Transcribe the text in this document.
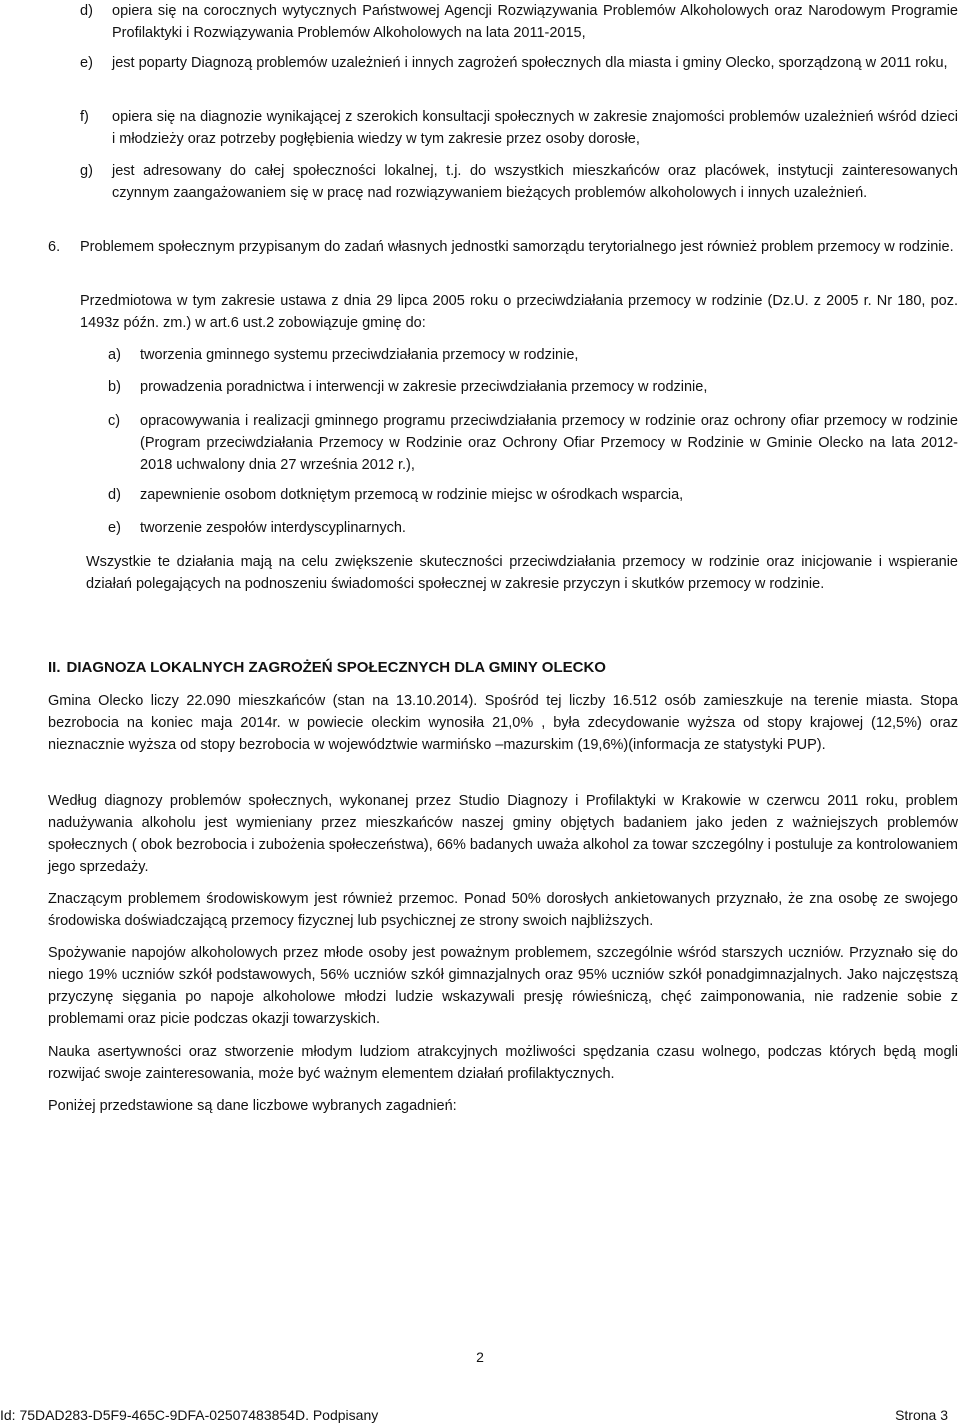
d) opiera się na corocznych wytycznych Państwowej Agencji Rozwiązywania Problemów Alkoholowych oraz Narodowym Programie Profilaktyki i Rozwiązywania Problemów Alkoholowych na lata 2011-2015,
e) jest poparty Diagnozą problemów uzależnień i innych zagrożeń społecznych dla miasta i gminy Olecko, sporządzoną w 2011 roku,
f) opiera się na diagnozie wynikającej z szerokich konsultacji społecznych w zakresie znajomości problemów uzależnień wśród dzieci i młodzieży oraz potrzeby pogłębienia wiedzy w tym zakresie przez osoby dorosłe,
g) jest adresowany do całej społeczności lokalnej, t.j. do wszystkich mieszkańców oraz placówek, instytucji zainteresowanych czynnym zaangażowaniem się w pracę nad rozwiązywaniem bieżących problemów alkoholowych i innych uzależnień.
6. Problemem społecznym przypisanym do zadań własnych jednostki samorządu terytorialnego jest również problem przemocy w rodzinie.
Przedmiotowa w tym zakresie ustawa z dnia 29 lipca 2005 roku o przeciwdziałania przemocy w rodzinie (Dz.U. z 2005 r. Nr 180, poz. 1493z późn. zm.) w art.6 ust.2 zobowiązuje gminę do:
a) tworzenia gminnego systemu przeciwdziałania przemocy w rodzinie,
b) prowadzenia poradnictwa i interwencji w zakresie przeciwdziałania przemocy w rodzinie,
c) opracowywania i realizacji gminnego programu przeciwdziałania przemocy w rodzinie oraz ochrony ofiar przemocy w rodzinie (Program przeciwdziałania Przemocy w Rodzinie oraz Ochrony Ofiar Przemocy w Rodzinie w Gminie Olecko na lata 2012-2018 uchwalony dnia 27 września 2012 r.),
d) zapewnienie osobom dotkniętym przemocą w rodzinie miejsc w ośrodkach wsparcia,
e) tworzenie zespołów interdyscyplinarnych.
Wszystkie te działania mają na celu zwiększenie skuteczności przeciwdziałania przemocy w rodzinie oraz inicjowanie i wspieranie działań polegających na podnoszeniu świadomości społecznej w zakresie przyczyn i skutków przemocy w rodzinie.
II. DIAGNOZA LOKALNYCH ZAGROŻEŃ SPOŁECZNYCH DLA GMINY OLECKO
Gmina Olecko liczy 22.090 mieszkańców (stan na 13.10.2014). Spośród tej liczby 16.512 osób zamieszkuje na terenie miasta. Stopa bezrobocia na koniec maja 2014r. w powiecie oleckim wynosiła 21,0% , była zdecydowanie wyższa od stopy krajowej (12,5%) oraz nieznacznie wyższa od stopy bezrobocia w województwie warmińsko –mazurskim (19,6%)(informacja ze statystyki PUP).
Według diagnozy problemów społecznych, wykonanej przez Studio Diagnozy i Profilaktyki w Krakowie w czerwcu 2011 roku, problem nadużywania alkoholu jest wymieniany przez mieszkańców naszej gminy objętych badaniem jako jeden z ważniejszych problemów społecznych ( obok bezrobocia i zubożenia społeczeństwa), 66% badanych uważa alkohol za towar szczególny i postuluje za kontrolowaniem jego sprzedaży.
Znaczącym problemem środowiskowym jest również przemoc. Ponad 50% dorosłych ankietowanych przyznało, że zna osobę ze swojego środowiska doświadczającą przemocy fizycznej lub psychicznej ze strony swoich najbliższych.
Spożywanie napojów alkoholowych przez młode osoby jest poważnym problemem, szczególnie wśród starszych uczniów. Przyznało się do niego 19% uczniów szkół podstawowych, 56% uczniów szkół gimnazjalnych oraz 95% uczniów szkół ponadgimnazjalnych. Jako najczęstszą przyczynę sięgania po napoje alkoholowe młodzi ludzie wskazywali presję rówieśniczą, chęć zaimponowania, nie radzenie sobie z problemami oraz picie podczas okazji towarzyskich.
Nauka asertywności oraz stworzenie młodym ludziom atrakcyjnych możliwości spędzania czasu wolnego, podczas których będą mogli rozwijać swoje zainteresowania, może być ważnym elementem działań profilaktycznych.
Poniżej przedstawione są dane liczbowe wybranych zagadnień:
2
Id: 75DAD283-D5F9-465C-9DFA-02507483854D. Podpisany	Strona 3
